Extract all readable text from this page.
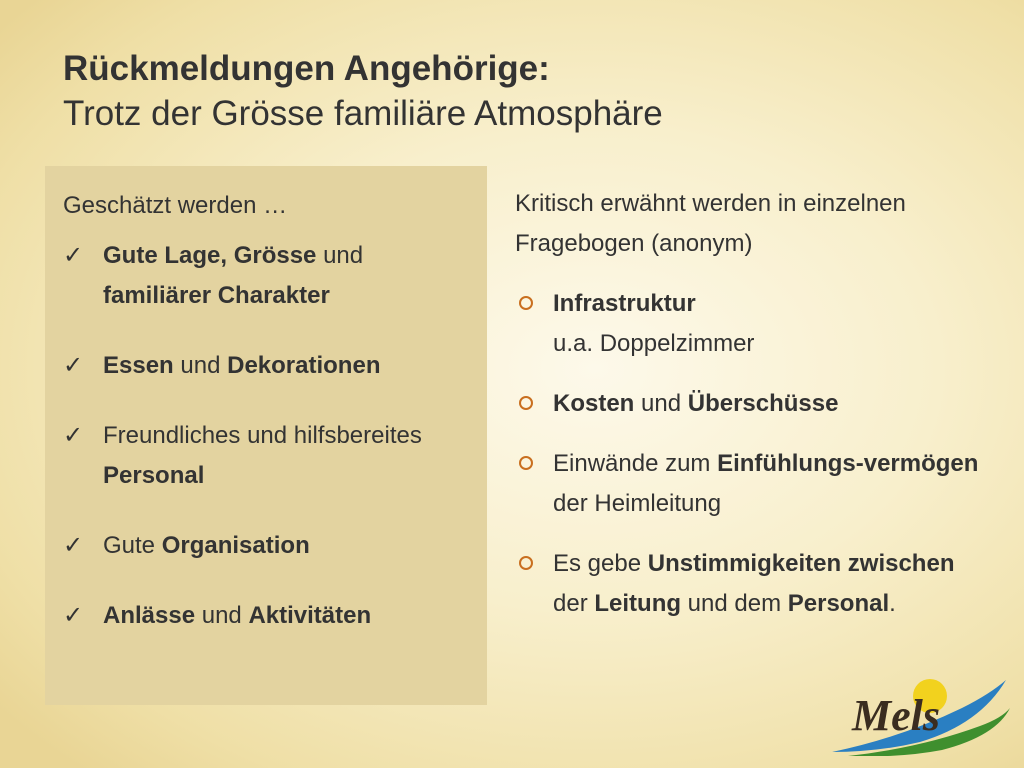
Rückmeldungen Angehörige:
Trotz der Grösse familiäre Atmosphäre

Geschätzt werden …

✓ Gute Lage, Grösse und familiärer Charakter
✓ Essen und Dekorationen
✓ Freundliches und hilfsbereites Personal
✓ Gute Organisation
✓ Anlässe und Aktivitäten

Kritisch erwähnt werden in einzelnen Fragebogen (anonym)

Infrastruktur
u.a. Doppelzimmer
Kosten und Überschüsse
Einwände zum Einfühlungs-vermögen der Heimleitung
Es gebe Unstimmigkeiten zwischen der Leitung und dem Personal.
Mels
